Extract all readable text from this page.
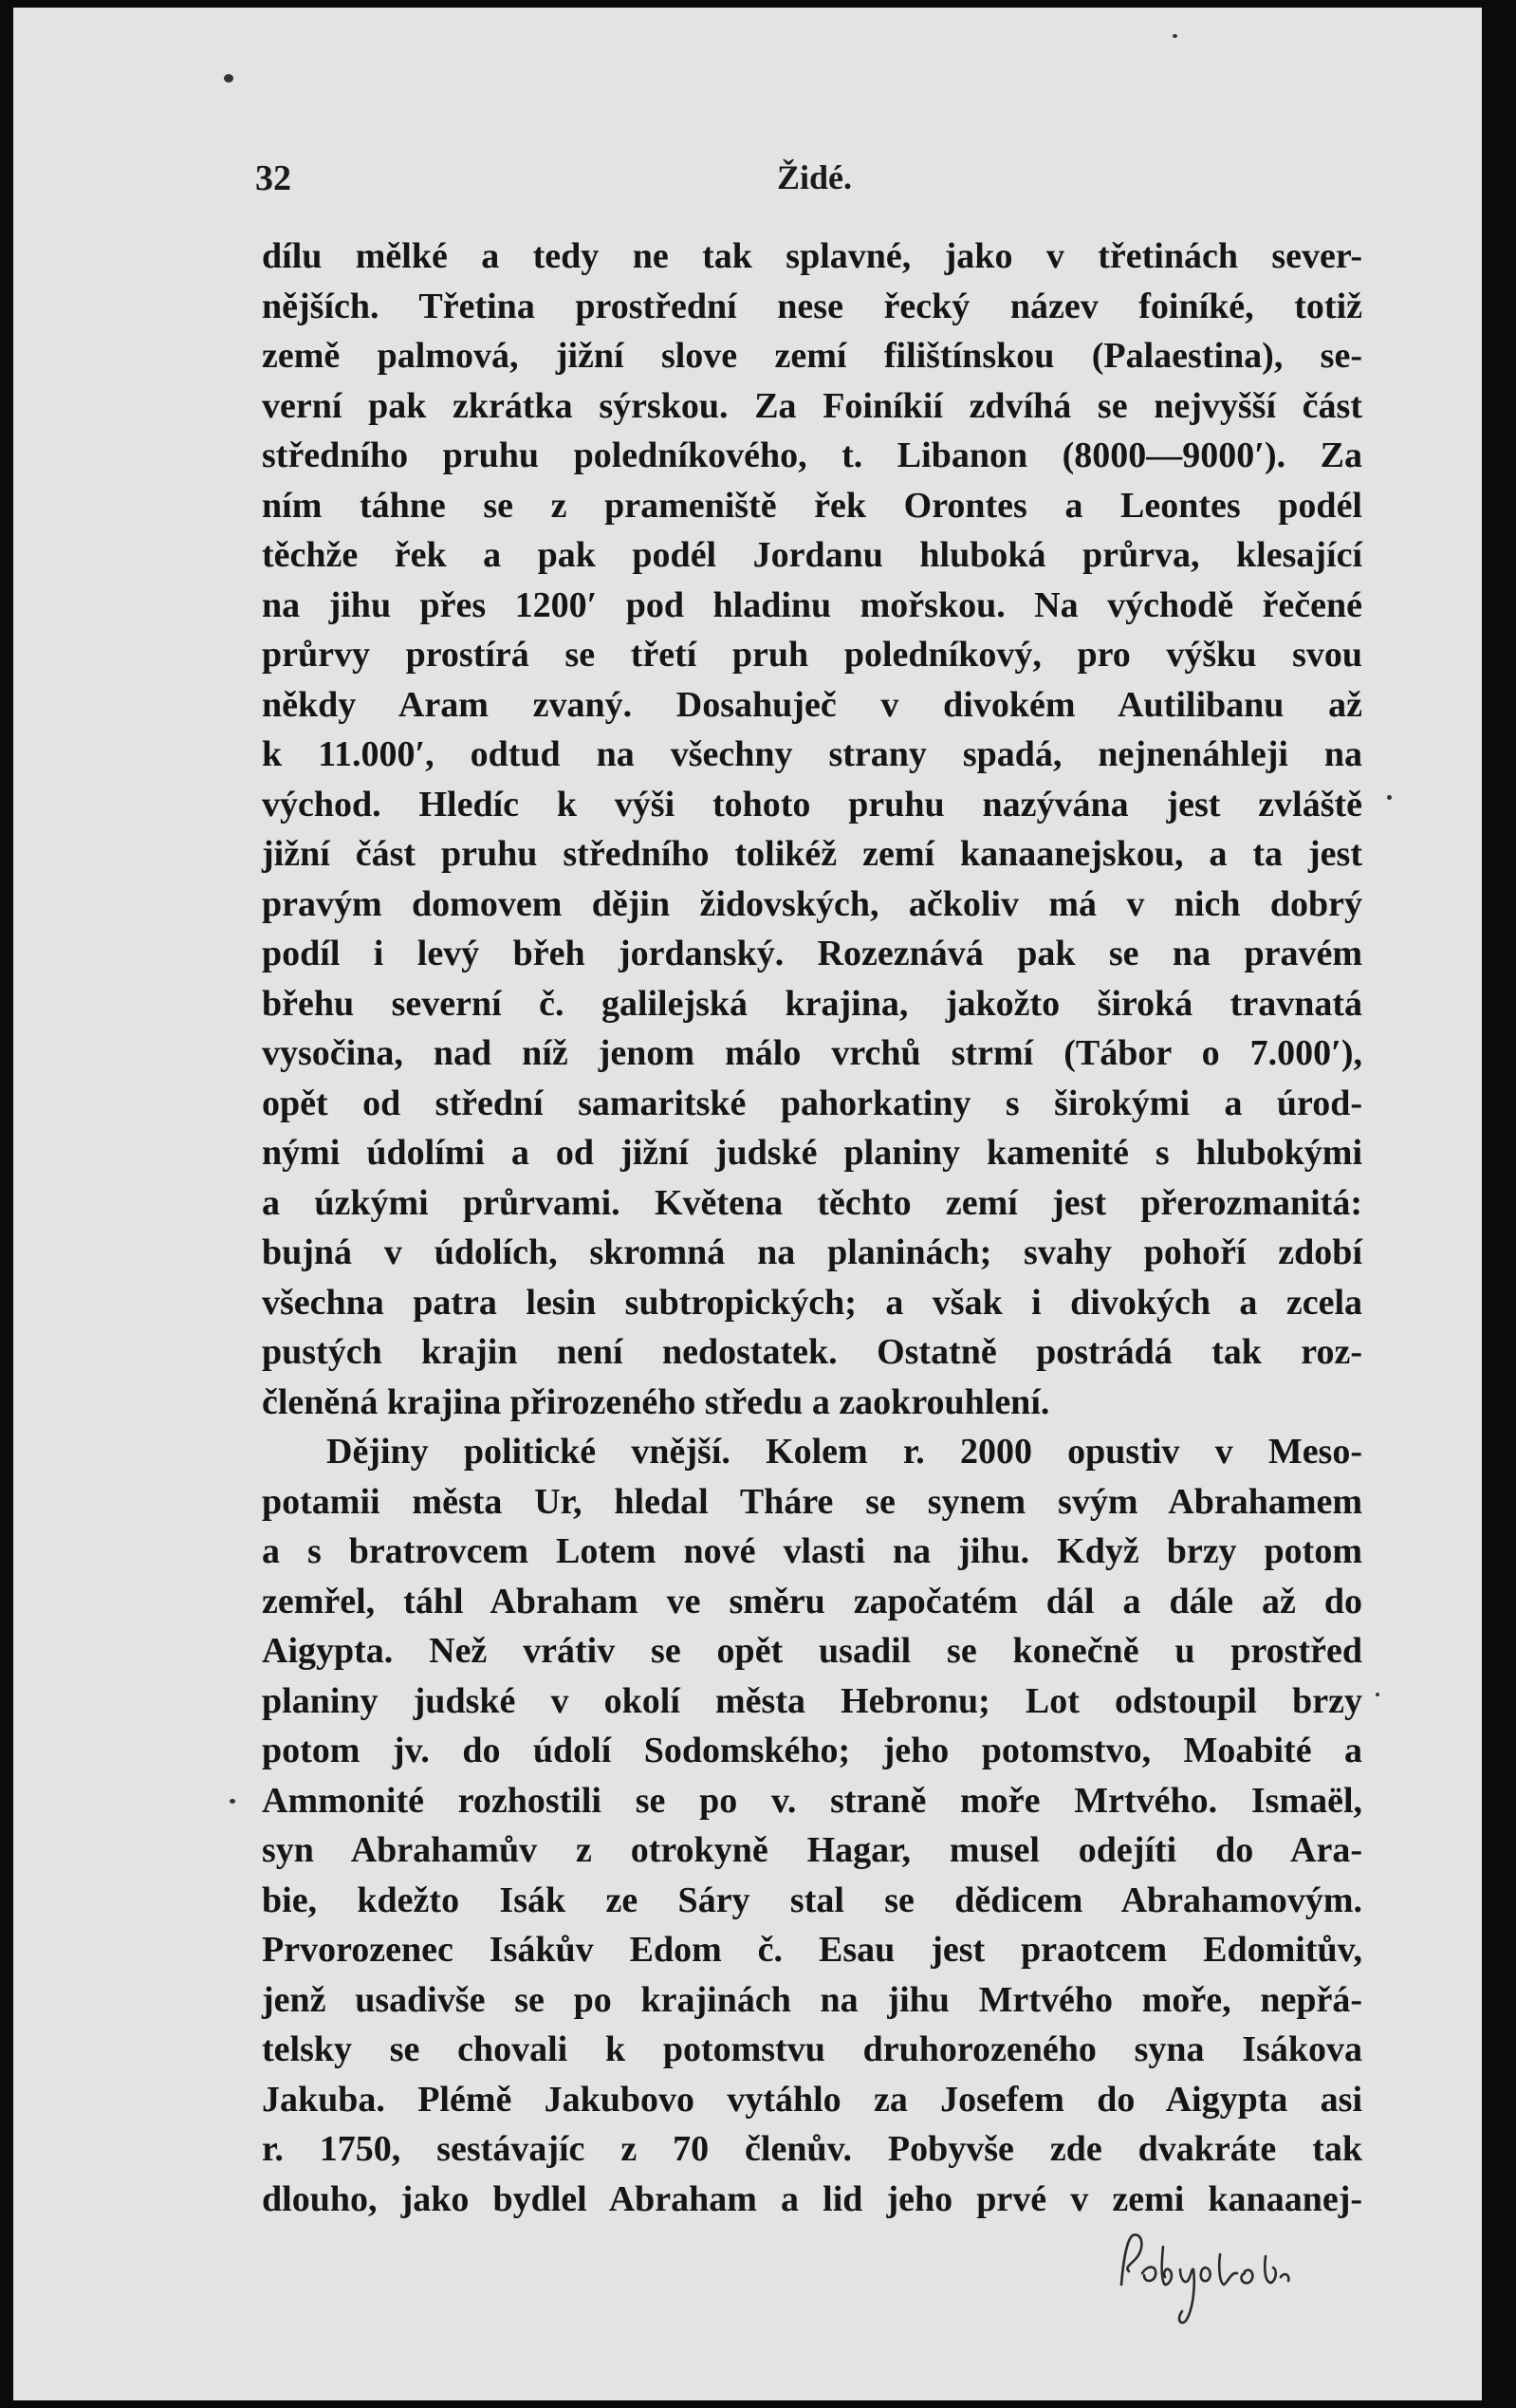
32	Židé.
dílu mělké a tedy ne tak splavné, jako v třetinách sever-
nějších. Třetina prostřední nese řecký název foiníké, totiž
země palmová, jižní slove zemí filištínskou (Palaestina), se-
verní pak zkrátka sýrskou. Za Foiníkií zdvíhá se nejvyšší část
středního pruhu poledníkového, t. Libanon (8000—9000′). Za
ním táhne se z prameniště řek Orontes a Leontes podél
těchže řek a pak podél Jordanu hluboká průrva, klesající
na jihu přes 1200′ pod hladinu mořskou. Na východě řečené
průrvy prostírá se třetí pruh poledníkový, pro výšku svou
někdy Aram zvaný. Dosahuječ v divokém Autilibanu až
k 11.000′, odtud na všechny strany spadá, nejnenáhleji na
východ. Hledíc k výši tohoto pruhu nazývána jest zvláště
jižní část pruhu středního tolikéž zemí kanaanejskou, a ta jest
pravým domovem dějin židovských, ačkoliv má v nich dobrý
podíl i levý břeh jordanský. Rozeznává pak se na pravém
břehu severní č. galilejská krajina, jakožto široká travnatá
vysočina, nad níž jenom málo vrchů strmí (Tábor o 7.000′),
opět od střední samaritské pahorkatiny s širokými a úrod-
nými údolími a od jižní judské planiny kamenité s hlubokými
a úzkými průrvami. Květena těchto zemí jest přerozmanitá:
bujná v údolích, skromná na planinách; svahy pohoří zdobí
všechna patra lesin subtropických; a však i divokých a zcela
pustých krajin není nedostatek. Ostatně postrádá tak roz-
členěná krajina přirozeného středu a zaokrouhlení.
Dějiny politické vnější. Kolem r. 2000 opustiv v Meso-
potamii města Ur, hledal Tháre se synem svým Abrahamem
a s bratrovcem Lotem nové vlasti na jihu. Když brzy potom
zemřel, táhl Abraham ve směru započatém dál a dále až do
Aigypta. Než vrátiv se opět usadil se konečně u prostřed
planiny judské v okolí města Hebronu; Lot odstoupil brzy
potom jv. do údolí Sodomského; jeho potomstvo, Moabité a
Ammonité rozhostili se po v. straně moře Mrtvého. Ismaël,
syn Abrahamův z otrokyně Hagar, musel odejíti do Ara-
bie, kdežto Isák ze Sáry stal se dědicem Abrahamovým.
Prvorozenec Isákův Edom č. Esau jest praotcem Edomitův,
jenž usadivše se po krajinách na jihu Mrtvého moře, nepřá-
telsky se chovali k potomstvu druhorozeného syna Isákova
Jakuba. Plémě Jakubovo vytáhlo za Josefem do Aigypta asi
r. 1750, sestávajíc z 70 členův. Pobyvše zde dvakráte tak
dlouho, jako bydlel Abraham a lid jeho prvé v zemi kanaanej-
